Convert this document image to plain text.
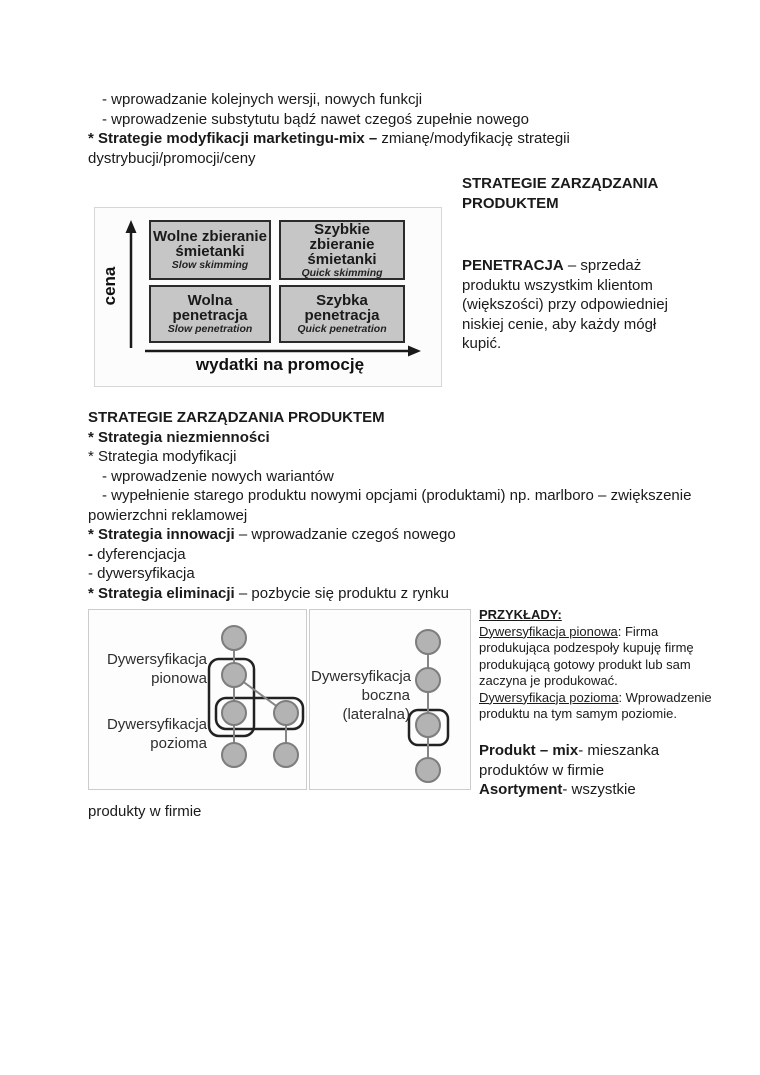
- wprowadzanie kolejnych wersji, nowych funkcji
- wprowadzenie substytutu bądź nawet czegoś zupełnie nowego
* Strategie modyfikacji marketingu-mix – zmianę/modyfikację strategii
dystrybucji/promocji/ceny
STRATEGIE ZARZĄDZANIA PRODUKTEM
PENETRACJA – sprzedaż produktu wszystkim klientom (większości) przy odpowiedniej niskiej cenie, aby każdy mógł kupić.
cena
wydatki na promocję
Wolne zbieranie śmietanki
Slow skimming
Szybkie zbieranie śmietanki
Quick skimming
Wolna penetracja
Slow penetration
Szybka penetracja
Quick penetration
STRATEGIE ZARZĄDZANIA PRODUKTEM
* Strategia niezmienności
* Strategia modyfikacji
- wprowadzenie nowych wariantów
- wypełnienie starego produktu nowymi opcjami (produktami) np. marlboro – zwiększenie
powierzchni reklamowej
* Strategia innowacji – wprowadzanie czegoś nowego
- dyferencjacja
- dywersyfikacja
* Strategia eliminacji – pozbycie się produktu z rynku
Dywersyfikacja pionowa
Dywersyfikacja pozioma
Dywersyfikacja boczna (lateralna)
PRZYKŁADY:
Dywersyfikacja pionowa: Firma produkująca podzespoły kupuję firmę produkującą gotowy produkt lub sam zaczyna je produkować.
Dywersyfikacja pozioma: Wprowadzenie produktu na tym samym poziomie.
Produkt – mix- mieszanka produktów w firmie
Asortyment- wszystkie
produkty w firmie
